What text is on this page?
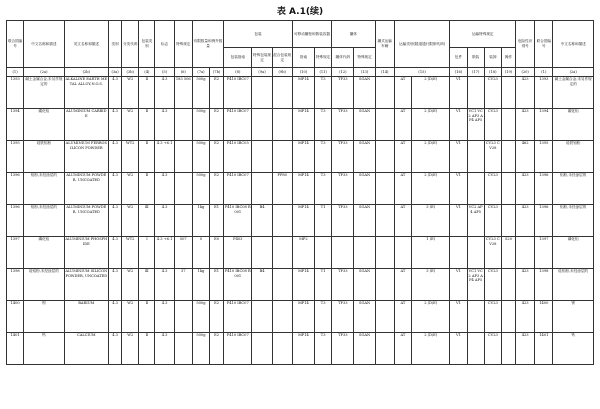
表 A.1(续)
联合国编号	中文名称和描述	英文名称和描述	类别	分类代码	包装类别	标志	特殊规定	有限数量和例外数量		包装			可移动罐柜和散装容器		罐体		罐式运输车辆	运输类别(隧道通行限制代码)		运输特殊规定				危险性识别号	联合国编号	中文名称和描述
										包装指南	特殊包装规定	混合包装规定	指南	特殊规定	罐体代码	特殊规定				包件	散装	装卸	操作			
(1)	(2a)	(2b)	(3a)	(3b)	(4)	(5)	(6)	(7a)	(7b)	(8)	(9a)	(9b)	(10)	(11)	(12)	(13)	(14)	(15)		(16)	(17)	(18)	(19)	(20)	(1)	(2a)
1393	碱土金属合金,未另作规定的	ALKALINE EARTH METAL ALLOY,N.O.S.	4.3	W2	Ⅱ	4.3	183 506	500g	E2	P410 IBC07			MP14	T3	TP33	SGAN		AT	2 (D/E)	V1		CV23		423	1393	碱土金属合金,未另作规定的
1394	碳化铝	ALUMINIUM CARBIDE	4.3	W2	Ⅱ	4.3		500g	E2	P410 IBC07			MP14	T3	TP33	SGAN		AT	2 (D/E)	V1	VC1 VC2 AP3 AP4 AP5	CV23		423	1394	碳化铝
1395	硅铁铝粉	ALUMINIUM FERROSILICON POWDER	4.3	WT2	Ⅱ	4.3 +6.1		500g	E2	P410 IBC05			MP14	T3	TP33	SGAN		AT	2 (D/E)	V1		CV23 CV28		462	1395	硅铁铝粉
1396	铝粉,未经涂层的	ALUMINIUM POWDER, UNCOATED	4.3	W2	Ⅱ	4.3		500g	E2	P410 IBC07		PP80	MP14	T3	TP33	SGAN		AT	2 (D/E)	V1		CV23		423	1396	铝粉,未经涂层的
1396	铝粉,未经涂层的	ALUMINIUM POWDER, UNCOATED	4.3	W2	Ⅲ	4.3		1kg	E1	P410 IBC08 R001	B4		MP14	T1	TP33	SGAN		AT	3 (E)	V1	VC2 AP4 AP5	CV23		423	1396	铝粉,未经涂层的
1397	磷化铝	ALUMINIUM PHOSPHIDE	4.3	WT2	Ⅰ	4.3 +6.1	507	0	E0	P403			MP2						1 (E)			CV23 CV28	S20		1397	磷化铝
1398	硅铝粉,未经涂层的	ALUMINIUM SILICON POWDER, UNCOATED	4.3	W2	Ⅲ	4.3	37	1kg	E1	P410 IBC08 R001	B4		MP14	T1	TP33	SGAN		AT	3 (E)	V1	VC1 VC2 AP3 AP4 AP5	CV23		423	1398	硅铝粉,未经涂层的
1400	钡	BARIUM	4.3	W2	Ⅱ	4.3		500g	E2	P410 IBC07			MP14	T3	TP33	SGAN		AT	2 (D/E)	V1		CV23		423	1400	钡
1401	钙	CALCIUM	4.3	W2	Ⅱ	4.3		500g	E2	P410 IBC07			MP14	T3	TP33	SGAN		AT	2 (D/E)	V1		CV23		423	1401	钙
